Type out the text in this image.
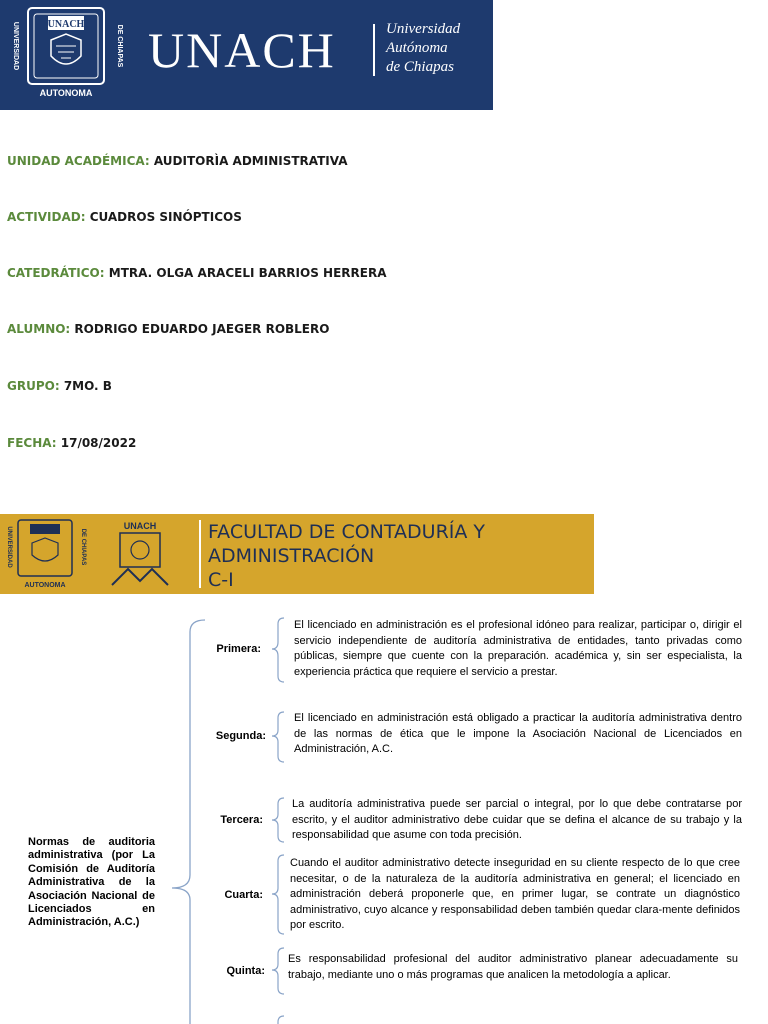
UNACH
UNIVERSIDAD	DE CHIAPAS
AUTONOMA
UNACH	Universidad
Autónoma
de Chiapas
UNIDAD ACADÉMICA: AUDITORÌA ADMINISTRATIVA
ACTIVIDAD: CUADROS SINÓPTICOS
CATEDRÁTICO: MTRA. OLGA ARACELI BARRIOS HERRERA
ALUMNO: RODRIGO EDUARDO JAEGER ROBLERO
GRUPO: 7MO. B
FECHA: 17/08/2022
UNIVERSIDAD	DE CHIAPAS
AUTONOMA
UNACH	FACULTAD DE CONTADURÍA Y
ADMINISTRACIÓN
C-I
Normas de auditoria administrativa (por La Comisión de Auditoría Administrativa de la Asociación Nacional de Licenciados en Administración, A.C.)
Primera:
El licenciado en administración es el profesional idóneo para realizar, participar o, dirigir el servicio independiente de auditoría administrativa de entidades, tanto privadas como públicas, siempre que cuente con la preparación. académica y, sin ser especialista, la experiencia práctica que requiere el servicio a prestar.
Segunda:
El licenciado en administración está obligado a practicar la auditoría administrativa dentro de las normas de ética que le impone la Asociación Nacional de Licenciados en Administración, A.C.
Tercera:
La auditoría administrativa puede ser parcial o integral, por lo que debe contratarse por escrito, y el auditor administrativo debe cuidar que se defina el alcance de su trabajo y la responsabilidad que asume con toda precisión.
Cuarta:
Cuando el auditor administrativo detecte inseguridad en su cliente respecto de lo que cree necesitar, o de la naturaleza de la auditoría administrativa en general; el licenciado en administración deberá proponerle que, en primer lugar, se contrate un diagnóstico administrativo, cuyo alcance y responsabilidad deben también quedar clara-mente definidos por escrito.
Quinta:
Es responsabilidad profesional del auditor administrativo planear adecuadamente su trabajo, mediante uno o más programas que analicen la metodología a aplicar.
